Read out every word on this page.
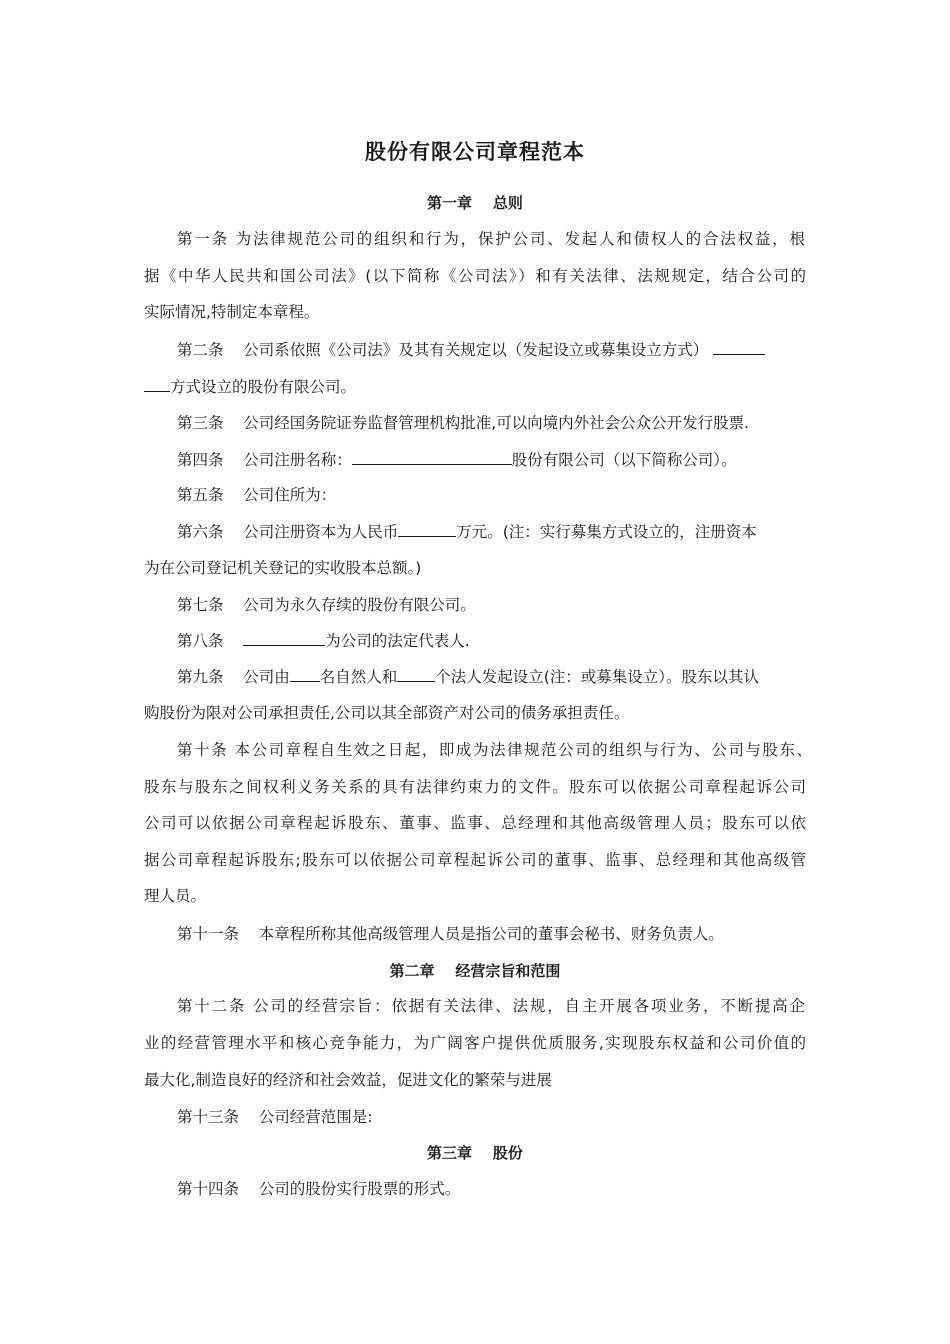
股份有限公司章程范本
第一章    总则
第一条 为法律规范公司的组织和行为，保护公司、发起人和债权人的合法权益，根
据《中华人民共和国公司法》(以下简称《公司法》）和有关法律、法规规定，结合公司的
实际情况,特制定本章程。
第二条    公司系依照《公司法》及其有关规定以（发起设立或募集设立方式）
方式设立的股份有限公司。
第三条    公司经国务院证券监督管理机构批准,可以向境内外社会公众公开发行股票.
第四条    公司注册名称：	股份有限公司（以下简称公司）。
第五条    公司住所为：
第六条    公司注册资本为人民币	万元。(注：实行募集方式设立的，注册资本
为在公司登记机关登记的实收股本总额。)
第七条    公司为永久存续的股份有限公司。
第八条	为公司的法定代表人.
第九条    公司由 名自然人和 个法人发起设立(注：或募集设立）。股东以其认
购股份为限对公司承担责任,公司以其全部资产对公司的债务承担责任。
第十条 本公司章程自生效之日起，即成为法律规范公司的组织与行为、公司与股东、
股东与股东之间权利义务关系的具有法律约束力的文件。股东可以依据公司章程起诉公司
公司可以依据公司章程起诉股东、董事、监事、总经理和其他高级管理人员；股东可以依
据公司章程起诉股东;股东可以依据公司章程起诉公司的董事、监事、总经理和其他高级管
理人员。
第十一条    本章程所称其他高级管理人员是指公司的董事会秘书、财务负责人。
第二章    经营宗旨和范围
第十二条 公司的经营宗旨：依据有关法律、法规，自主开展各项业务，不断提高企
业的经营管理水平和核心竞争能力，为广阔客户提供优质服务,实现股东权益和公司价值的
最大化,制造良好的经济和社会效益，促进文化的繁荣与进展
第十三条    公司经营范围是:
第三章    股份
第十四条    公司的股份实行股票的形式。
